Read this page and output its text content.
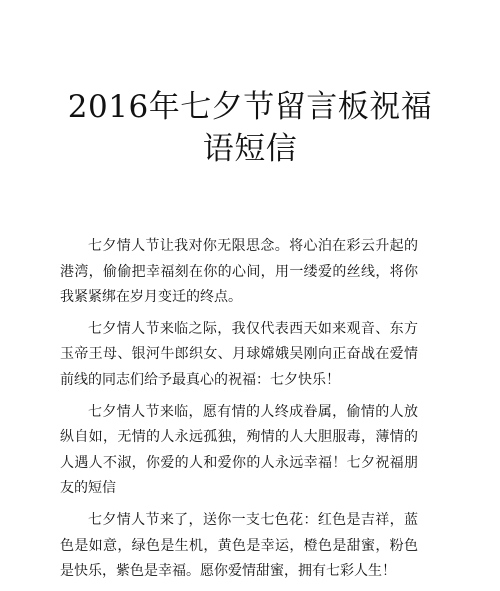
2016年七夕节留言板祝福语短信

七夕情人节让我对你无限思念。将心泊在彩云升起的港湾，偷偷把幸福刻在你的心间，用一缕爱的丝线，将你我紧紧绑在岁月变迁的终点。

七夕情人节来临之际，我仅代表西天如来观音、东方玉帝王母、银河牛郎织女、月球嫦娥吴刚向正奋战在爱情前线的同志们给予最真心的祝福：七夕快乐！

七夕情人节来临，愿有情的人终成眷属，偷情的人放纵自如，无情的人永远孤独，殉情的人大胆服毒，薄情的人遇人不淑，你爱的人和爱你的人永远幸福！七夕祝福朋友的短信

七夕情人节来了，送你一支七色花：红色是吉祥，蓝色是如意，绿色是生机，黄色是幸运，橙色是甜蜜，粉色是快乐，紫色是幸福。愿你爱情甜蜜，拥有七彩人生！
